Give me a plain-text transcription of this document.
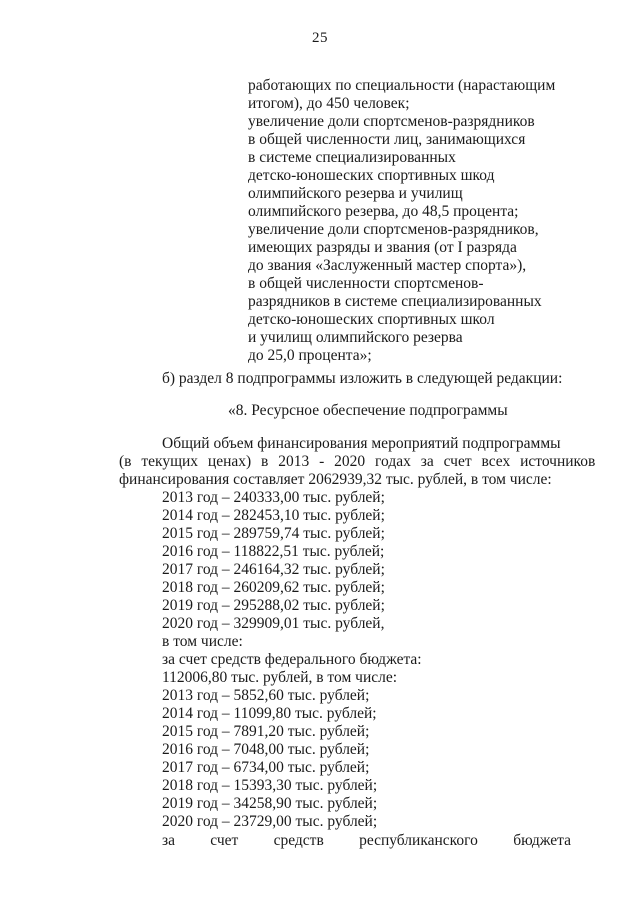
25
работающих по специальности (нарастающим
итогом), до 450 человек;
увеличение доли спортсменов-разрядников
в общей численности лиц, занимающихся
в системе специализированных
детско-юношеских спортивных шкод
олимпийского резерва и училищ
олимпийского резерва, до 48,5 процента;
увеличение доли спортсменов-разрядников,
имеющих разряды и звания (от I разряда
до звания «Заслуженный мастер спорта»),
в общей численности спортсменов-
разрядников в системе специализированных
детско-юношеских спортивных школ
и училищ олимпийского резерва
до 25,0 процента»;
б) раздел 8 подпрограммы изложить в следующей редакции:
«8. Ресурсное обеспечение подпрограммы
Общий объем финансирования мероприятий подпрограммы
(в текущих ценах) в 2013 - 2020 годах за счет всех источников
финансирования составляет 2062939,32 тыс. рублей, в том числе:
2013 год – 240333,00 тыс. рублей;
2014 год – 282453,10 тыс. рублей;
2015 год – 289759,74 тыс. рублей;
2016 год – 118822,51 тыс. рублей;
2017 год – 246164,32 тыс. рублей;
2018 год – 260209,62 тыс. рублей;
2019 год – 295288,02 тыс. рублей;
2020 год – 329909,01 тыс. рублей,
в том числе:
за счет средств федерального бюджета:
112006,80 тыс. рублей, в том числе:
2013 год – 5852,60 тыс. рублей;
2014 год – 11099,80 тыс. рублей;
2015 год – 7891,20 тыс. рублей;
2016 год – 7048,00 тыс. рублей;
2017 год – 6734,00 тыс. рублей;
2018 год – 15393,30 тыс. рублей;
2019 год – 34258,90 тыс. рублей;
2020 год – 23729,00 тыс. рублей;
за счет средств республиканского бюджета
